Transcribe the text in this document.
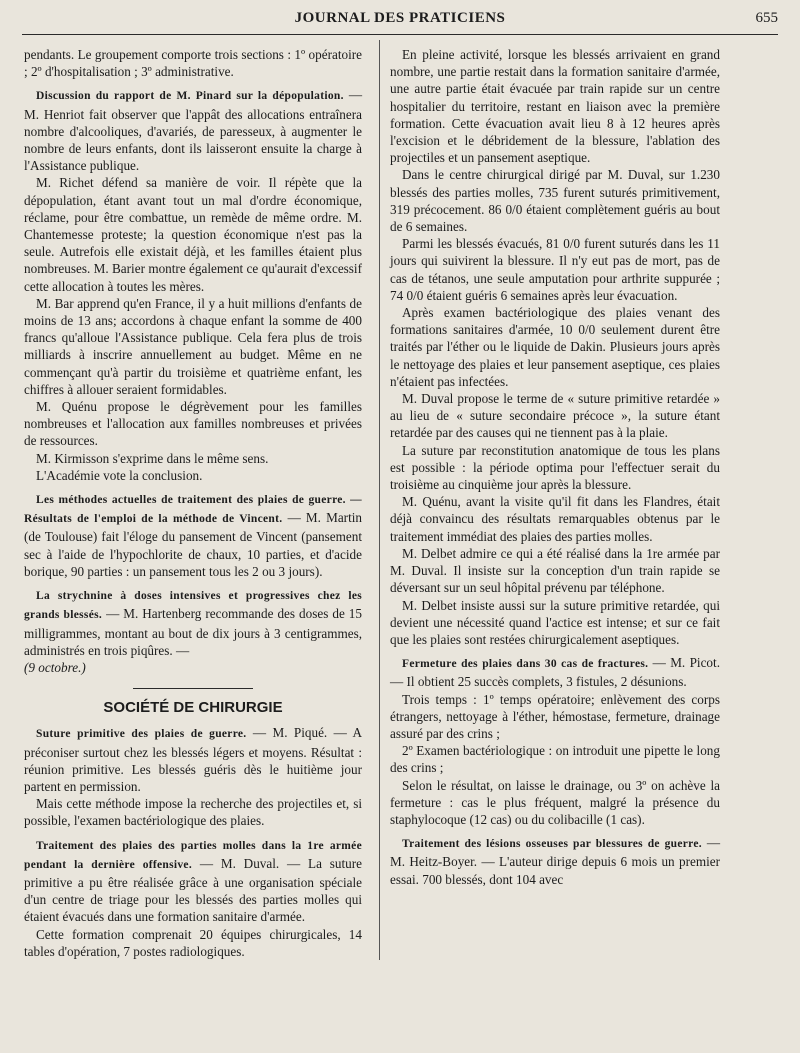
JOURNAL DES PRATICIENS	655

pendants. Le groupement comporte trois sections : 1º opératoire ; 2º d'hospitalisation ; 3º administrative.

Discussion du rapport de M. Pinard sur la dépopulation. — M. Henriot fait observer que l'appât des allocations entraînera nombre d'alcooliques, d'avariés, de paresseux, à augmenter le nombre de leurs enfants, dont ils laisseront ensuite la charge à l'Assistance publique.

M. Richet défend sa manière de voir. Il répète que la dépopulation, étant avant tout un mal d'ordre économique, réclame, pour être combattue, un remède de même ordre. M. Chantemesse proteste; la question économique n'est pas la seule. Autrefois elle existait déjà, et les familles étaient plus nombreuses. M. Barier montre également ce qu'aurait d'excessif cette allocation à toutes les mères.

M. Bar apprend qu'en France, il y a huit millions d'enfants de moins de 13 ans; accordons à chaque enfant la somme de 400 francs qu'alloue l'Assistance publique. Cela fera plus de trois milliards à inscrire annuellement au budget. Même en ne commençant qu'à partir du troisième et quatrième enfant, les chiffres à allouer seraient formidables.

M. Quénu propose le dégrèvement pour les familles nombreuses et l'allocation aux familles nombreuses et privées de ressources.

M. Kirmisson s'exprime dans le même sens.

L'Académie vote la conclusion.

Les méthodes actuelles de traitement des plaies de guerre. — Résultats de l'emploi de la méthode de Vincent. — M. Martin (de Toulouse) fait l'éloge du pansement de Vincent (pansement sec à l'aide de l'hypochlorite de chaux, 10 parties, et d'acide borique, 90 parties : un pansement tous les 2 ou 3 jours).

La strychnine à doses intensives et progressives chez les grands blessés. — M. Hartenberg recommande des doses de 15 milligrammes, montant au bout de dix jours à 3 centigrammes, administrés en trois piqûres. —

(9 octobre.)

SOCIÉTÉ DE CHIRURGIE

Suture primitive des plaies de guerre. — M. Piqué. — A préconiser surtout chez les blessés légers et moyens. Résultat : réunion primitive. Les blessés guéris dès le huitième jour partent en permission.

Mais cette méthode impose la recherche des projectiles et, si possible, l'examen bactériologique des plaies.

Traitement des plaies des parties molles dans la 1re armée pendant la dernière offensive. — M. Duval. — La suture primitive a pu être réalisée grâce à une organisation spéciale d'un centre de triage pour les blessés des parties molles qui étaient évacués dans une formation sanitaire d'armée.

Cette formation comprenait 20 équipes chirurgicales, 14 tables d'opération, 7 postes radiologiques.

En pleine activité, lorsque les blessés arrivaient en grand nombre, une partie restait dans la formation sanitaire d'armée, une autre partie était évacuée par train rapide sur un centre hospitalier du territoire, restant en liaison avec la première formation. Cette évacuation avait lieu 8 à 12 heures après l'excision et le débridement de la blessure, l'ablation des projectiles et un pansement aseptique.

Dans le centre chirurgical dirigé par M. Duval, sur 1.230 blessés des parties molles, 735 furent suturés primitivement, 319 précocement. 86 0/0 étaient complètement guéris au bout de 6 semaines.

Parmi les blessés évacués, 81 0/0 furent suturés dans les 11 jours qui suivirent la blessure. Il n'y eut pas de mort, pas de cas de tétanos, une seule amputation pour arthrite suppurée ; 74 0/0 étaient guéris 6 semaines après leur évacuation.

Après examen bactériologique des plaies venant des formations sanitaires d'armée, 10 0/0 seulement durent être traités par l'éther ou le liquide de Dakin. Plusieurs jours après le nettoyage des plaies et leur pansement aseptique, ces plaies n'étaient pas infectées.

M. Duval propose le terme de « suture primitive retardée » au lieu de « suture secondaire précoce », la suture étant retardée par des causes qui ne tiennent pas à la plaie.

La suture par reconstitution anatomique de tous les plans est possible : la période optima pour l'effectuer serait du troisième au cinquième jour après la blessure.

M. Quénu, avant la visite qu'il fit dans les Flandres, était déjà convaincu des résultats remarquables obtenus par le traitement immédiat des plaies des parties molles.

M. Delbet admire ce qui a été réalisé dans la 1re armée par M. Duval. Il insiste sur la conception d'un train rapide se déversant sur un seul hôpital prévenu par téléphone.

M. Delbet insiste aussi sur la suture primitive retardée, qui devient une nécessité quand l'actice est intense; et sur ce fait que les plaies sont restées chirurgicalement aseptiques.

Fermeture des plaies dans 30 cas de fractures. — M. Picot. — Il obtient 25 succès complets, 3 fistules, 2 désunions.

Trois temps : 1º temps opératoire; enlèvement des corps étrangers, nettoyage à l'éther, hémostase, fermeture, drainage assuré par des crins ;

2º Examen bactériologique : on introduit une pipette le long des crins ;

Selon le résultat, on laisse le drainage, ou 3º on achève la fermeture : cas le plus fréquent, malgré la présence du staphylocoque (12 cas) ou du colibacille (1 cas).

Traitement des lésions osseuses par blessures de guerre. — M. Heitz-Boyer. — L'auteur dirige depuis 6 mois un premier essai. 700 blessés, dont 104 avec
